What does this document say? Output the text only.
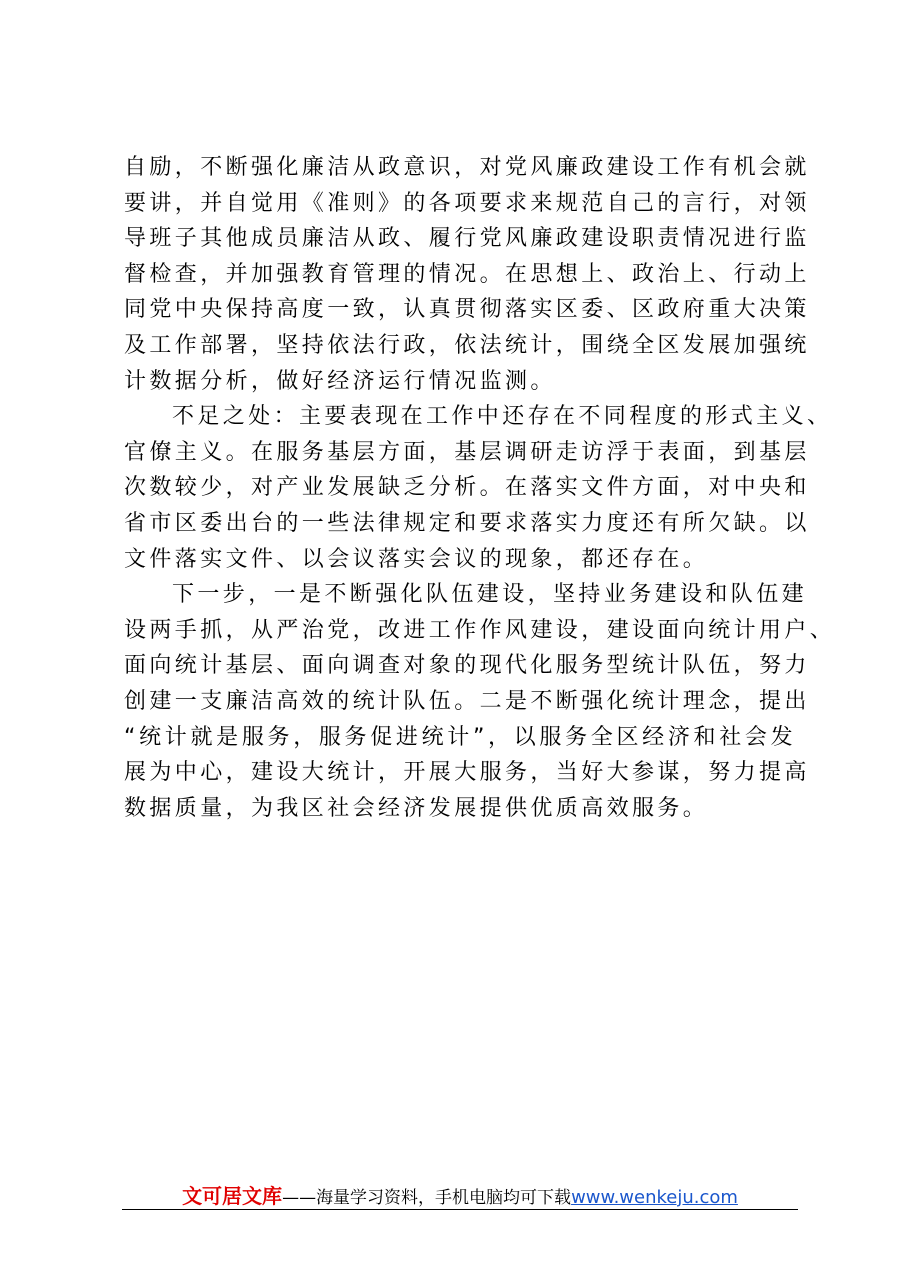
自励，不断强化廉洁从政意识，对党风廉政建设工作有机会就
要讲，并自觉用《准则》的各项要求来规范自己的言行，对领
导班子其他成员廉洁从政、履行党风廉政建设职责情况进行监
督检查，并加强教育管理的情况。在思想上、政治上、行动上
同党中央保持高度一致，认真贯彻落实区委、区政府重大决策
及工作部署，坚持依法行政，依法统计，围绕全区发展加强统
计数据分析，做好经济运行情况监测。

不足之处：主要表现在工作中还存在不同程度的形式主义、
官僚主义。在服务基层方面，基层调研走访浮于表面，到基层
次数较少，对产业发展缺乏分析。在落实文件方面，对中央和
省市区委出台的一些法律规定和要求落实力度还有所欠缺。以
文件落实文件、以会议落实会议的现象，都还存在。

下一步，一是不断强化队伍建设，坚持业务建设和队伍建
设两手抓，从严治党，改进工作作风建设，建设面向统计用户、
面向统计基层、面向调查对象的现代化服务型统计队伍，努力
创建一支廉洁高效的统计队伍。二是不断强化统计理念，提出
“统计就是服务，服务促进统计”，以服务全区经济和社会发
展为中心，建设大统计，开展大服务，当好大参谋，努力提高
数据质量，为我区社会经济发展提供优质高效服务。

文可居文库——海量学习资料，手机电脑均可下载www.wenkeju.com
